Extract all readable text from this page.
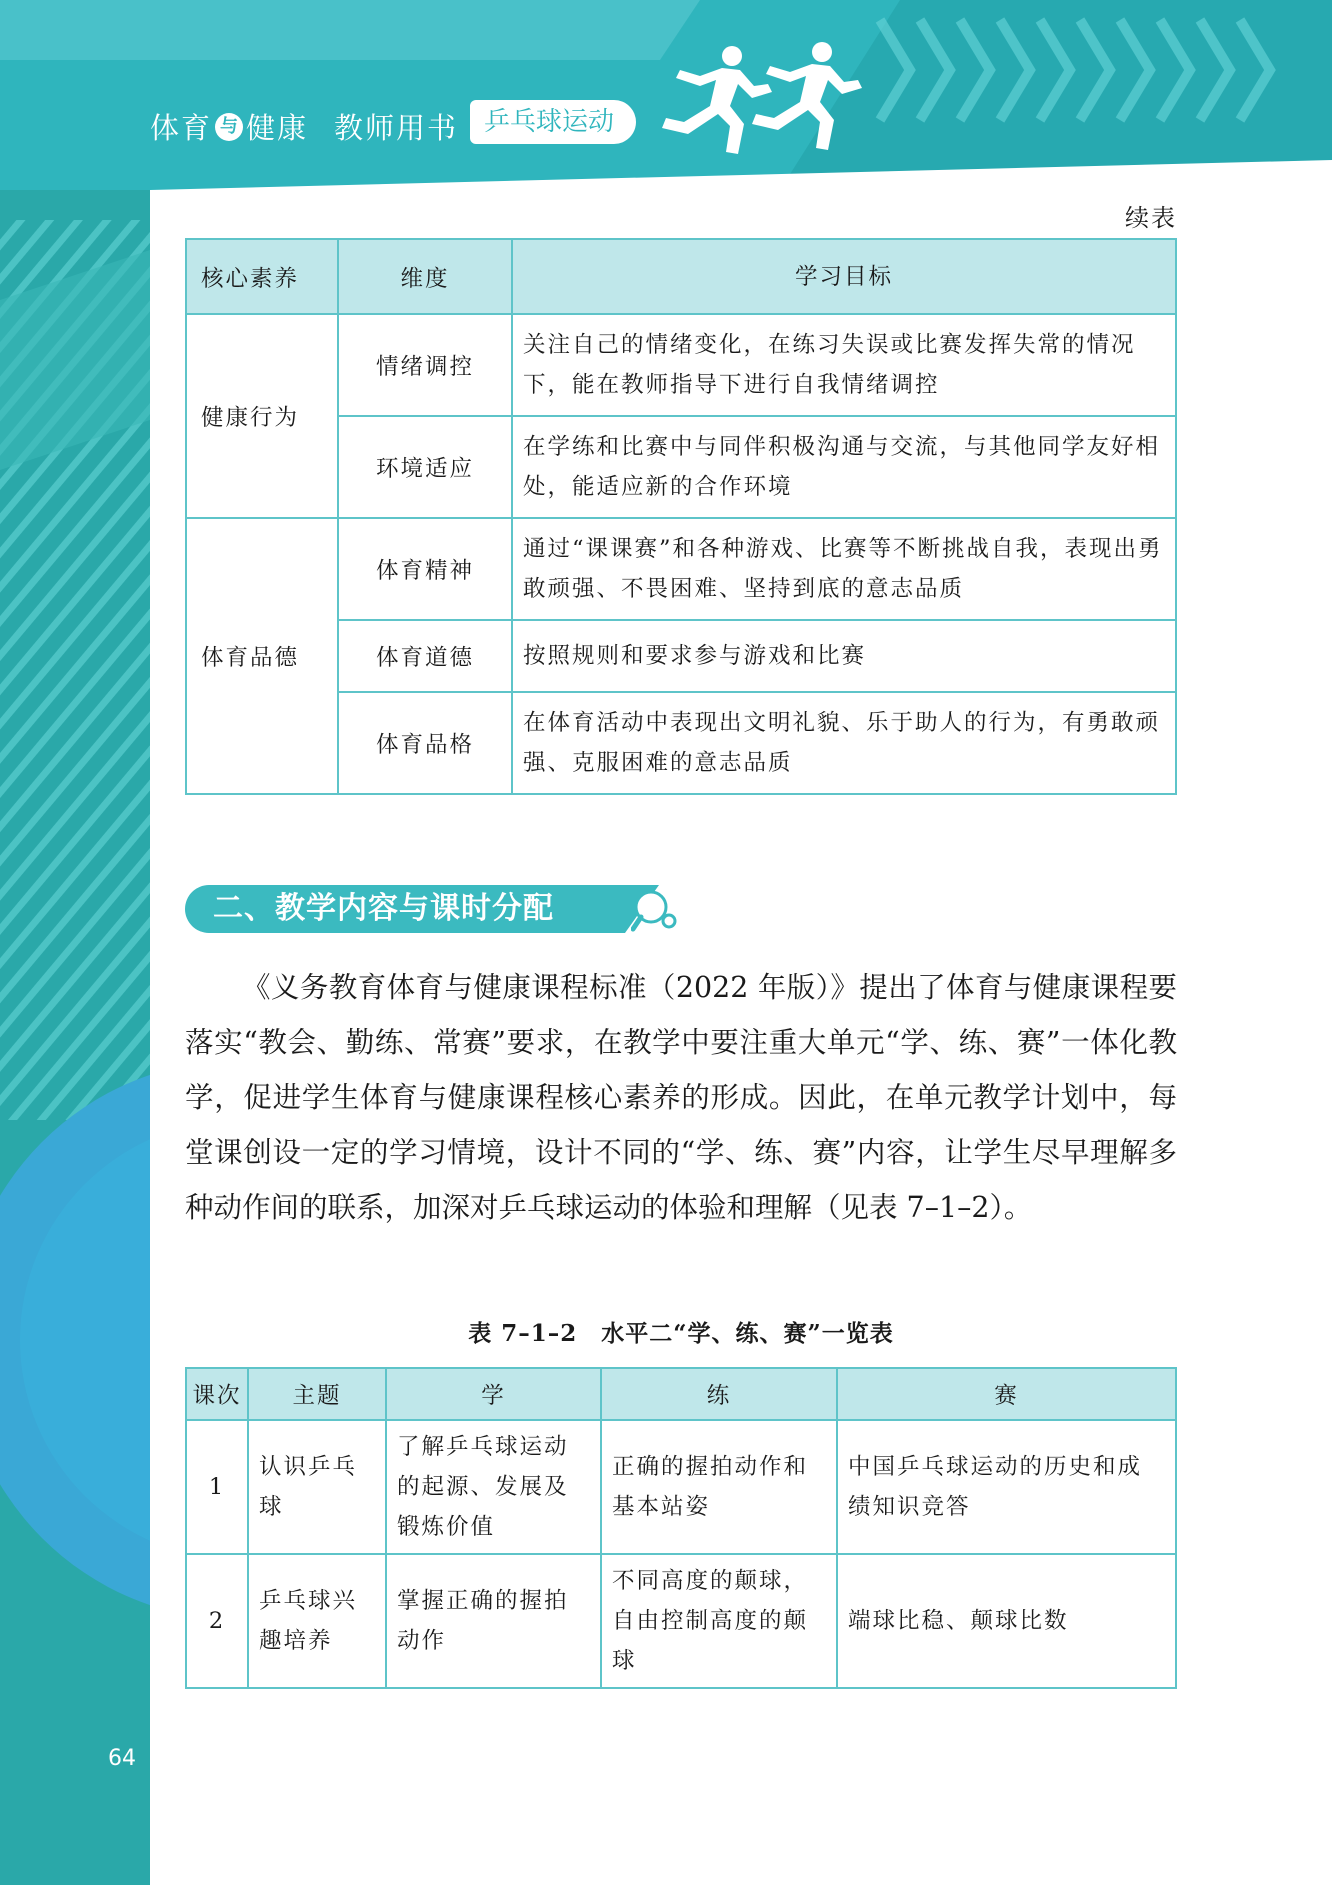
体育 与 健康 教师用书 乒乓球运动
续表
核心素养	维度	学习目标
健康行为	情绪调控	关注自己的情绪变化，在练习失误或比赛发挥失常的情况下，能在教师指导下进行自我情绪调控
	环境适应	在学练和比赛中与同伴积极沟通与交流，与其他同学友好相处，能适应新的合作环境
体育品德	体育精神	通过“课课赛”和各种游戏、比赛等不断挑战自我，表现出勇敢顽强、不畏困难、坚持到底的意志品质
	体育道德	按照规则和要求参与游戏和比赛
	体育品格	在体育活动中表现出文明礼貌、乐于助人的行为，有勇敢顽强、克服困难的意志品质
二、教学内容与课时分配

《义务教育体育与健康课程标准（2022 年版）》提出了体育与健康课程要落实“教会、勤练、常赛”要求，在教学中要注重大单元“学、练、赛”一体化教学，促进学生体育与健康课程核心素养的形成。因此，在单元教学计划中，每堂课创设一定的学习情境，设计不同的“学、练、赛”内容，让学生尽早理解多种动作间的联系，加深对乒乓球运动的体验和理解（见表 7–1–2）。

表 7–1–2　水平二“学、练、赛”一览表
课次	主题	学	练	赛
1	认识乒乓球	了解乒乓球运动的起源、发展及锻炼价值	正确的握拍动作和基本站姿	中国乒乓球运动的历史和成绩知识竞答
2	乒乓球兴趣培养	掌握正确的握拍动作	不同高度的颠球，自由控制高度的颠球	端球比稳、颠球比数
64
